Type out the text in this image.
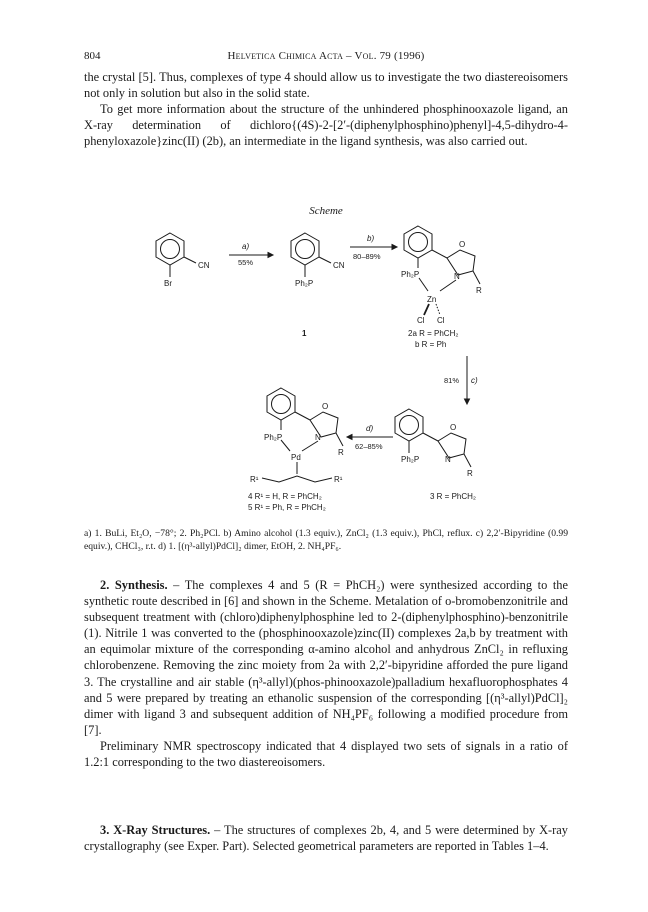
804	Helvetica Chimica Acta – Vol. 79 (1996)

the crystal [5]. Thus, complexes of type 4 should allow us to investigate the two diastereoisomers not only in solution but also in the solid state.

To get more information about the structure of the unhindered phosphinooxazole ligand, an X-ray determination of dichloro{(4S)-2-[2′-(diphenylphosphino)phenyl]-4,5-dihydro-4-phenyloxazole}zinc(II) (2b), an intermediate in the ligand synthesis, was also carried out.

Scheme
CN
Br
CN
Ph₂P
O
Ph₂P	N
R
Zn
Cl Cl
O
Ph₂P	N
R
O
Ph₂P	N
R
Pd
R¹	R¹
a)
55%
b)
80–89%
81% c)
d)
62–85%
1	2a R = PhCH₂
b R = Ph
3 R = PhCH₂
4 R¹ = H, R = PhCH₂
5 R¹ = Ph, R = PhCH₂
a) 1. BuLi, Et₂O, −78°; 2. Ph₂PCl. b) Amino alcohol (1.3 equiv.), ZnCl₂ (1.3 equiv.), PhCl, reflux. c) 2,2′-Bipyridine (0.99 equiv.), CHCl₃, r.t. d) 1. [(η³-allyl)PdCl]₂ dimer, EtOH, 2. NH₄PF₆.

2. Synthesis. – The complexes 4 and 5 (R = PhCH₂) were synthesized according to the synthetic route described in [6] and shown in the Scheme. Metalation of o-bromobenzonitrile and subsequent treatment with (chloro)diphenylphosphine led to 2-(diphenylphosphino)-benzonitrile (1). Nitrile 1 was converted to the (phosphinooxazole)zinc(II) complexes 2a,b by treatment with an equimolar mixture of the corresponding α-amino alcohol and anhydrous ZnCl₂ in refluxing chlorobenzene. Removing the zinc moiety from 2a with 2,2′-bipyridine afforded the pure ligand 3. The crystalline and air stable (η³-allyl)(phos-phinooxazole)palladium hexafluorophosphates 4 and 5 were prepared by treating an ethanolic suspension of the corresponding [(η³-allyl)PdCl]₂ dimer with ligand 3 and subsequent addition of NH₄PF₆ following a modified procedure from [7].

Preliminary NMR spectroscopy indicated that 4 displayed two sets of signals in a ratio of 1.2:1 corresponding to the two diastereoisomers.

3. X-Ray Structures. – The structures of complexes 2b, 4, and 5 were determined by X-ray crystallography (see Exper. Part). Selected geometrical parameters are reported in Tables 1–4.
